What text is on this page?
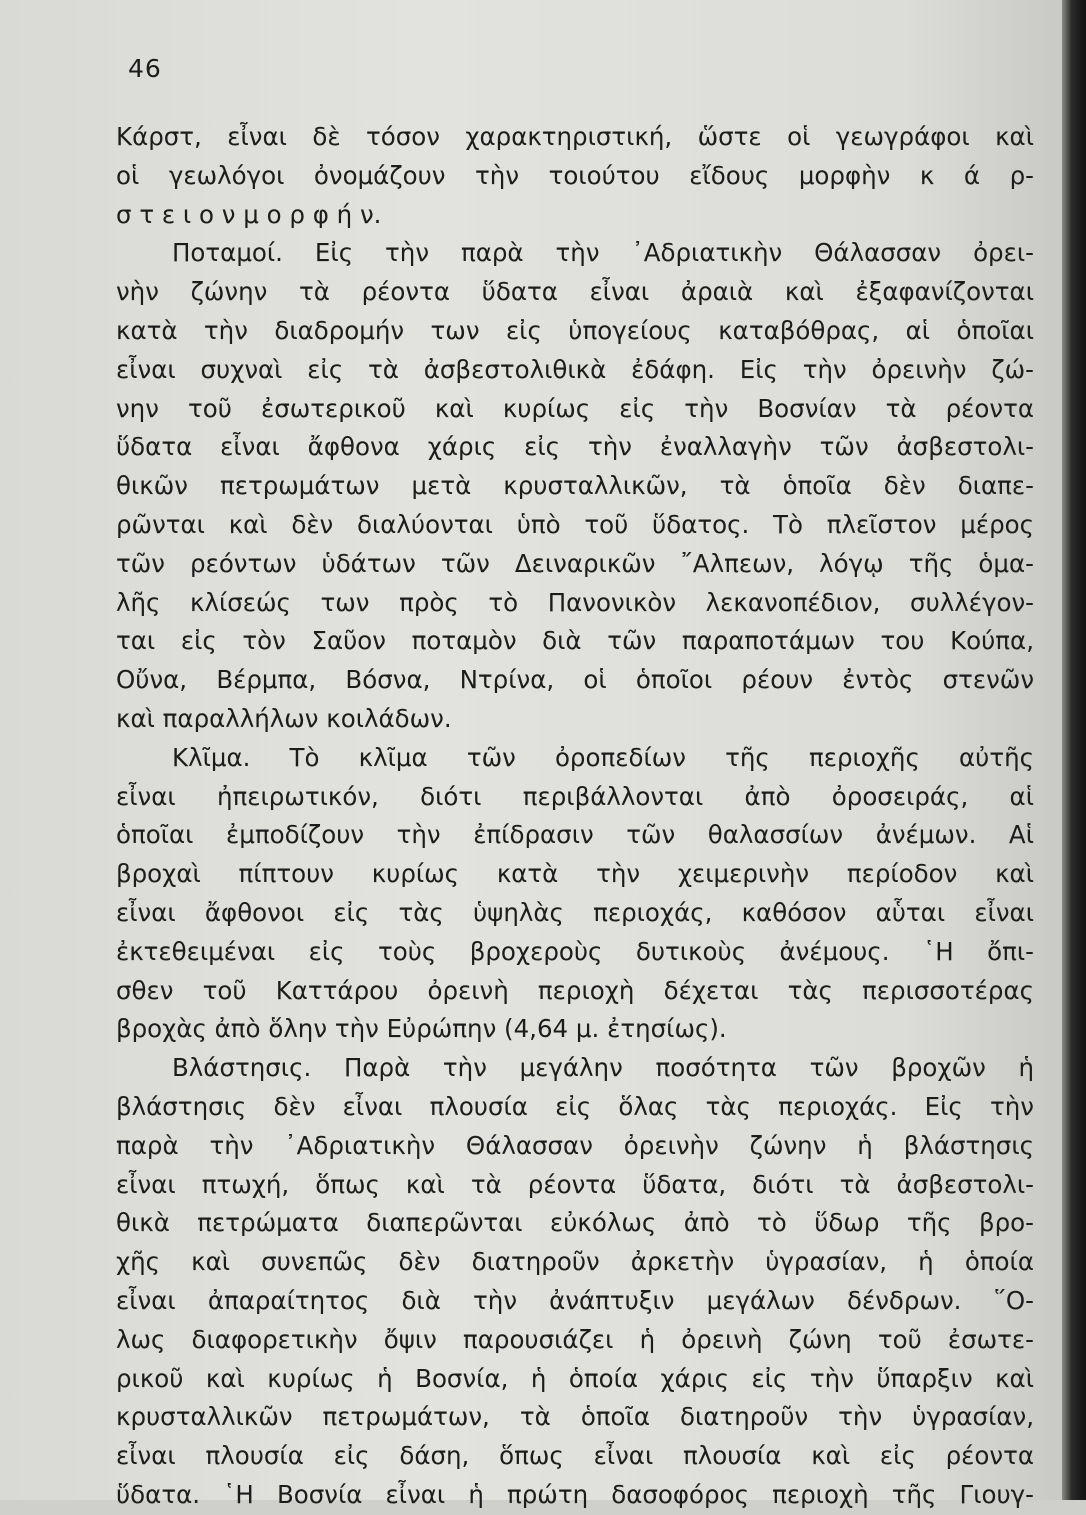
46
Κάρστ, εἶναι δὲ τόσον χαρακτηριστική, ὥστε οἱ γεωγράφοι καὶ
οἱ γεωλόγοι ὀνομάζουν τὴν τοιούτου εἴδους μορφὴν κ ά ρ-
σ τ ε ι ο ν μ ο ρ φ ή ν.
Ποταμοί. Εἰς τὴν παρὰ τὴν ᾿Αδριατικὴν Θάλασσαν ὀρει-
νὴν ζώνην τὰ ρέοντα ὕδατα εἶναι ἀραιὰ καὶ ἐξαφανίζονται
κατὰ τὴν διαδρομήν των εἰς ὑπογείους καταβόθρας, αἱ ὁποῖαι
εἶναι συχναὶ εἰς τὰ ἀσβεστολιθικὰ ἐδάφη. Εἰς τὴν ὀρεινὴν ζώ-
νην τοῦ ἐσωτερικοῦ καὶ κυρίως εἰς τὴν Βοσνίαν τὰ ρέοντα
ὕδατα εἶναι ἄφθονα χάρις εἰς τὴν ἐναλλαγὴν τῶν ἀσβεστολι-
θικῶν πετρωμάτων μετὰ κρυσταλλικῶν, τὰ ὁποῖα δὲν διαπε-
ρῶνται καὶ δὲν διαλύονται ὑπὸ τοῦ ὕδατος. Τὸ πλεῖστον μέρος
τῶν ρεόντων ὑδάτων τῶν Δειναρικῶν ῎Αλπεων, λόγῳ τῆς ὁμα-
λῆς κλίσεώς των πρὸς τὸ Πανονικὸν λεκανοπέδιον, συλλέγον-
ται εἰς τὸν Σαῦον ποταμὸν διὰ τῶν παραποτάμων του Κούπα,
Οὔνα, Βέρμπα, Βόσνα, Ντρίνα, οἱ ὁποῖοι ρέουν ἐντὸς στενῶν
καὶ παραλλήλων κοιλάδων.
Κλῖμα. Τὸ κλῖμα τῶν ὀροπεδίων τῆς περιοχῆς αὐτῆς
εἶναι ἠπειρωτικόν, διότι περιβάλλονται ἀπὸ ὀροσειράς, αἱ
ὁποῖαι ἐμποδίζουν τὴν ἐπίδρασιν τῶν θαλασσίων ἀνέμων. Αἱ
βροχαὶ πίπτουν κυρίως κατὰ τὴν χειμερινὴν περίοδον καὶ
εἶναι ἄφθονοι εἰς τὰς ὑψηλὰς περιοχάς, καθόσον αὗται εἶναι
ἐκτεθειμέναι εἰς τοὺς βροχεροὺς δυτικοὺς ἀνέμους. ῾Η ὄπι-
σθεν τοῦ Καττάρου ὀρεινὴ περιοχὴ δέχεται τὰς περισσοτέρας
βροχὰς ἀπὸ ὅλην τὴν Εὐρώπην (4,64 μ. ἐτησίως).
Βλάστησις. Παρὰ τὴν μεγάλην ποσότητα τῶν βροχῶν ἡ
βλάστησις δὲν εἶναι πλουσία εἰς ὅλας τὰς περιοχάς. Εἰς τὴν
παρὰ τὴν ᾿Αδριατικὴν Θάλασσαν ὀρεινὴν ζώνην ἡ βλάστησις
εἶναι πτωχή, ὅπως καὶ τὰ ρέοντα ὕδατα, διότι τὰ ἀσβεστολι-
θικὰ πετρώματα διαπερῶνται εὐκόλως ἀπὸ τὸ ὕδωρ τῆς βρο-
χῆς καὶ συνεπῶς δὲν διατηροῦν ἀρκετὴν ὑγρασίαν, ἡ ὁποία
εἶναι ἀπαραίτητος διὰ τὴν ἀνάπτυξιν μεγάλων δένδρων. ῞Ο-
λως διαφορετικὴν ὄψιν παρουσιάζει ἡ ὀρεινὴ ζώνη τοῦ ἐσωτε-
ρικοῦ καὶ κυρίως ἡ Βοσνία, ἡ ὁποία χάρις εἰς τὴν ὕπαρξιν καὶ
κρυσταλλικῶν πετρωμάτων, τὰ ὁποῖα διατηροῦν τὴν ὑγρασίαν,
εἶναι πλουσία εἰς δάση, ὅπως εἶναι πλουσία καὶ εἰς ρέοντα
ὕδατα. ῾Η Βοσνία εἶναι ἡ πρώτη δασοφόρος περιοχὴ τῆς Γιουγ-
